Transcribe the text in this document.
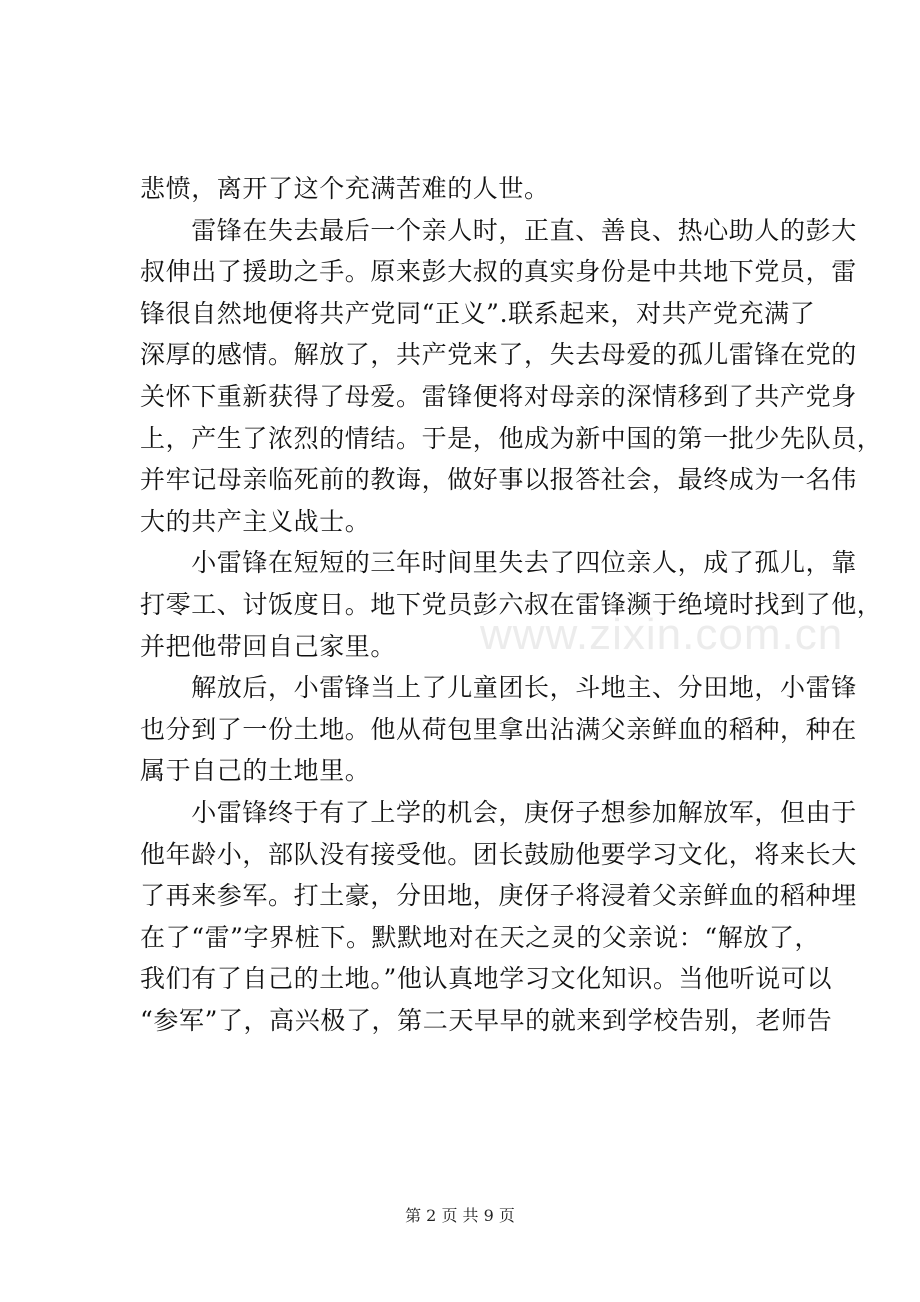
www.zixin.com.cn
悲愤，离开了这个充满苦难的人世。
　　雷锋在失去最后一个亲人时，正直、善良、热心助人的彭大
叔伸出了援助之手。原来彭大叔的真实身份是中共地下党员，雷
锋很自然地便将共产党同“正义”.联系起来，对共产党充满了
深厚的感情。解放了，共产党来了，失去母爱的孤儿雷锋在党的
关怀下重新获得了母爱。雷锋便将对母亲的深情移到了共产党身
上，产生了浓烈的情结。于是，他成为新中国的第一批少先队员，
并牢记母亲临死前的教诲，做好事以报答社会，最终成为一名伟
大的共产主义战士。
　　小雷锋在短短的三年时间里失去了四位亲人，成了孤儿，靠
打零工、讨饭度日。地下党员彭六叔在雷锋濒于绝境时找到了他，
并把他带回自己家里。
　　解放后，小雷锋当上了儿童团长，斗地主、分田地，小雷锋
也分到了一份土地。他从荷包里拿出沾满父亲鲜血的稻种，种在
属于自己的土地里。
　　小雷锋终于有了上学的机会，庚伢子想参加解放军，但由于
他年龄小，部队没有接受他。团长鼓励他要学习文化，将来长大
了再来参军。打土豪，分田地，庚伢子将浸着父亲鲜血的稻种埋
在了“雷”字界桩下。默默地对在天之灵的父亲说：“解放了，
我们有了自己的土地。”他认真地学习文化知识。当他听说可以
“参军”了，高兴极了，第二天早早的就来到学校告别，老师告
第 2 页 共 9 页
